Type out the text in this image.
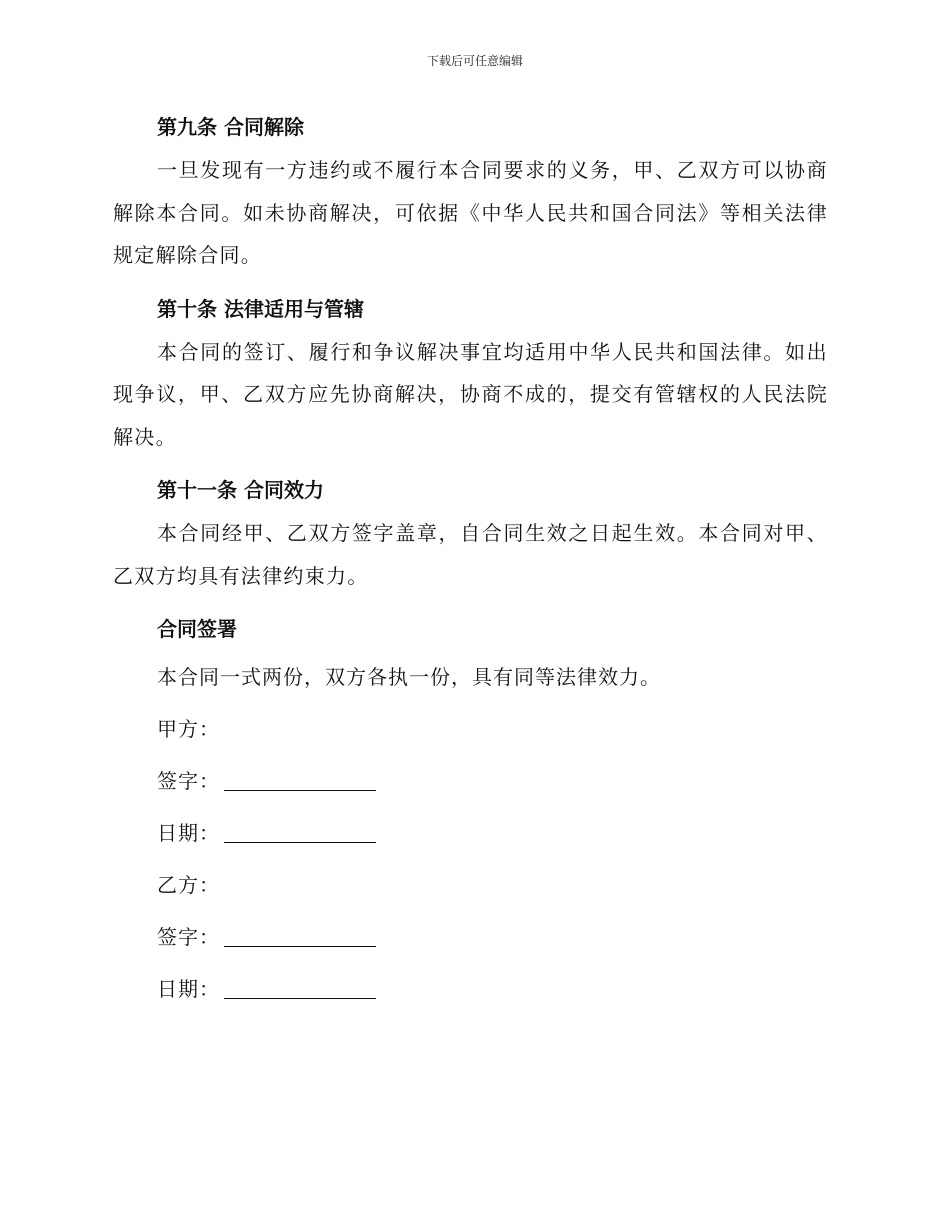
下载后可任意编辑
第九条 合同解除

一旦发现有一方违约或不履行本合同要求的义务，甲、乙双方可以协商解除本合同。如未协商解决，可依据《中华人民共和国合同法》等相关法律规定解除合同。

第十条 法律适用与管辖

本合同的签订、履行和争议解决事宜均适用中华人民共和国法律。如出现争议，甲、乙双方应先协商解决，协商不成的，提交有管辖权的人民法院解决。

第十一条 合同效力

本合同经甲、乙双方签字盖章，自合同生效之日起生效。本合同对甲、乙双方均具有法律约束力。

合同签署
本合同一式两份，双方各执一份，具有同等法律效力。
甲方：
签字：
日期：
乙方：
签字：
日期：
